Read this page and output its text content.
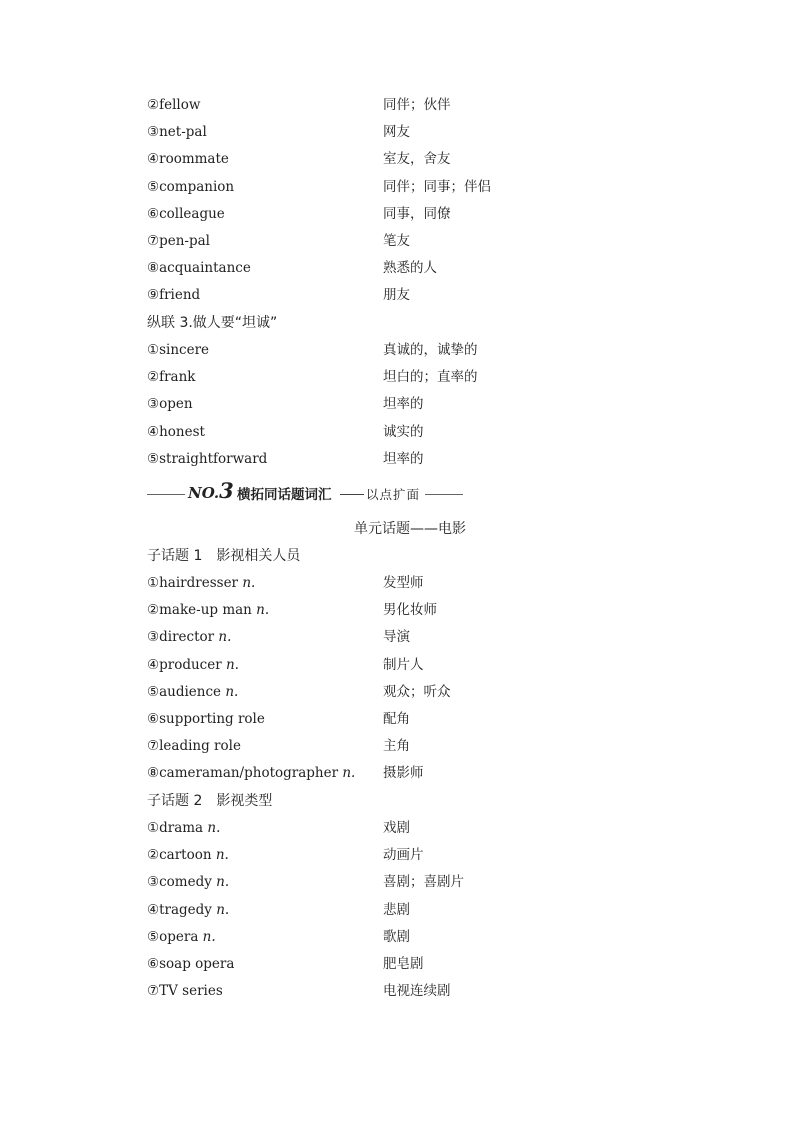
②fellow	同伴；伙伴
③net-pal	网友
④roommate	室友，舍友
⑤companion	同伴；同事；伴侣
⑥colleague	同事，同僚
⑦pen-pal	笔友
⑧acquaintance	熟悉的人
⑨friend	朋友
纵联 3.做人要“坦诚”
①sincere	真诚的，诚挚的
②frank	坦白的；直率的
③open	坦率的
④honest	诚实的
⑤straightforward	坦率的
NO.3 横拓同话题词汇	以点扩面
单元话题——电影
子话题 1　影视相关人员
①hairdresser n.	发型师
②make-up man n.	男化妆师
③director n.	导演
④producer n.	制片人
⑤audience n.	观众；听众
⑥supporting role	配角
⑦leading role	主角
⑧cameraman/photographer n. 摄影师
子话题 2　影视类型
①drama n.	戏剧
②cartoon n.	动画片
③comedy n.	喜剧；喜剧片
④tragedy n.	悲剧
⑤opera n.	歌剧
⑥soap opera	肥皂剧
⑦TV series	电视连续剧
